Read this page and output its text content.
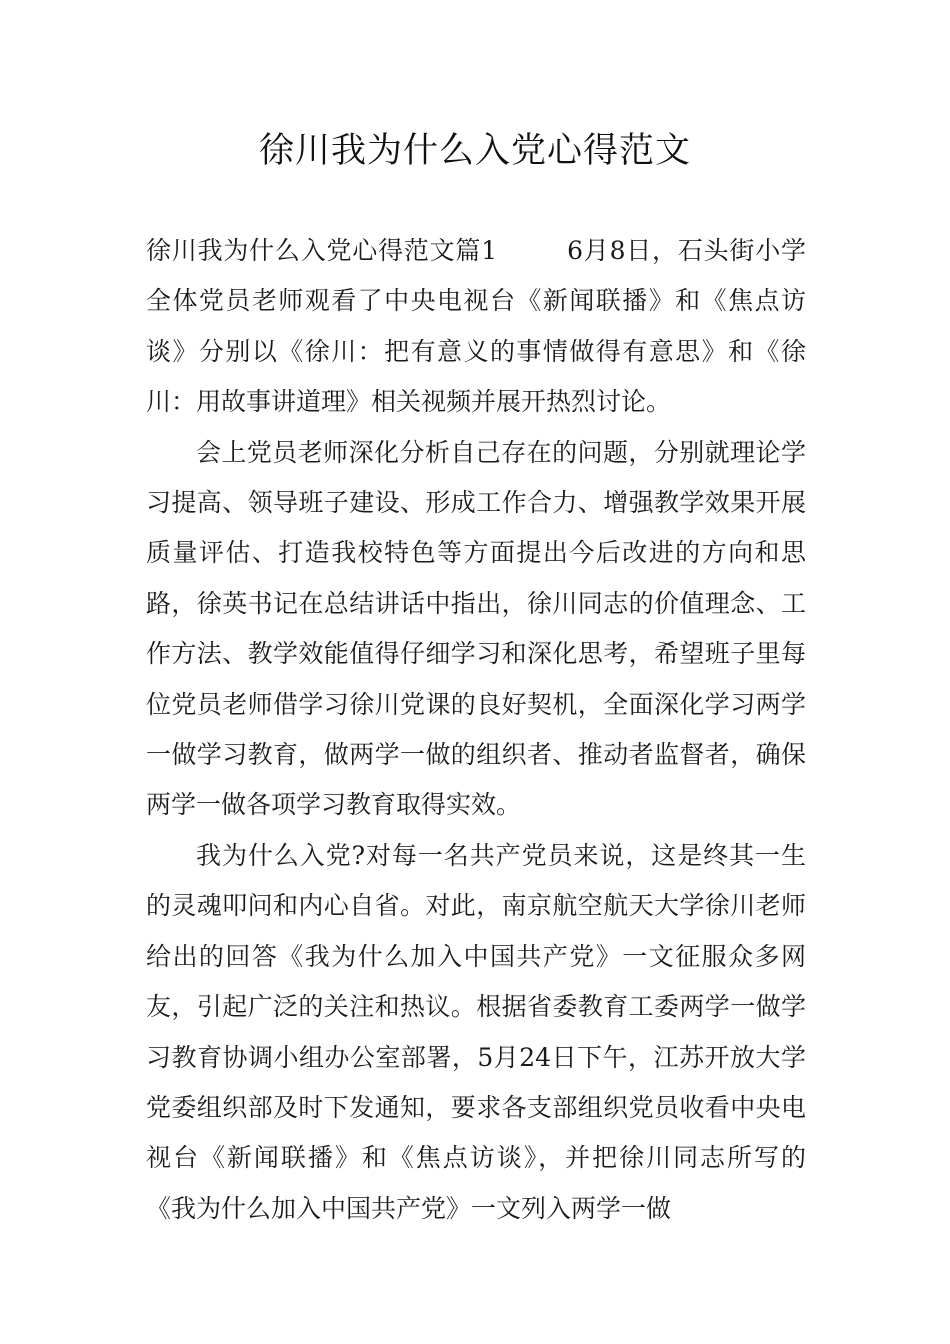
徐川我为什么入党心得范文

徐川我为什么入党心得范文篇1	6月8日，石头街小学全体党员老师观看了中央电视台《新闻联播》和《焦点访谈》分别以《徐川：把有意义的事情做得有意思》和《徐川：用故事讲道理》相关视频并展开热烈讨论。

会上党员老师深化分析自己存在的问题，分别就理论学习提高、领导班子建设、形成工作合力、增强教学效果开展质量评估、打造我校特色等方面提出今后改进的方向和思路，徐英书记在总结讲话中指出，徐川同志的价值理念、工作方法、教学效能值得仔细学习和深化思考，希望班子里每位党员老师借学习徐川党课的良好契机，全面深化学习两学一做学习教育，做两学一做的组织者、推动者监督者，确保两学一做各项学习教育取得实效。

我为什么入党?对每一名共产党员来说，这是终其一生的灵魂叩问和内心自省。对此，南京航空航天大学徐川老师给出的回答《我为什么加入中国共产党》一文征服众多网友，引起广泛的关注和热议。根据省委教育工委两学一做学习教育协调小组办公室部署，5月24日下午，江苏开放大学党委组织部及时下发通知，要求各支部组织党员收看中央电视台《新闻联播》和《焦点访谈》，并把徐川同志所写的《我为什么加入中国共产党》一文列入两学一做
